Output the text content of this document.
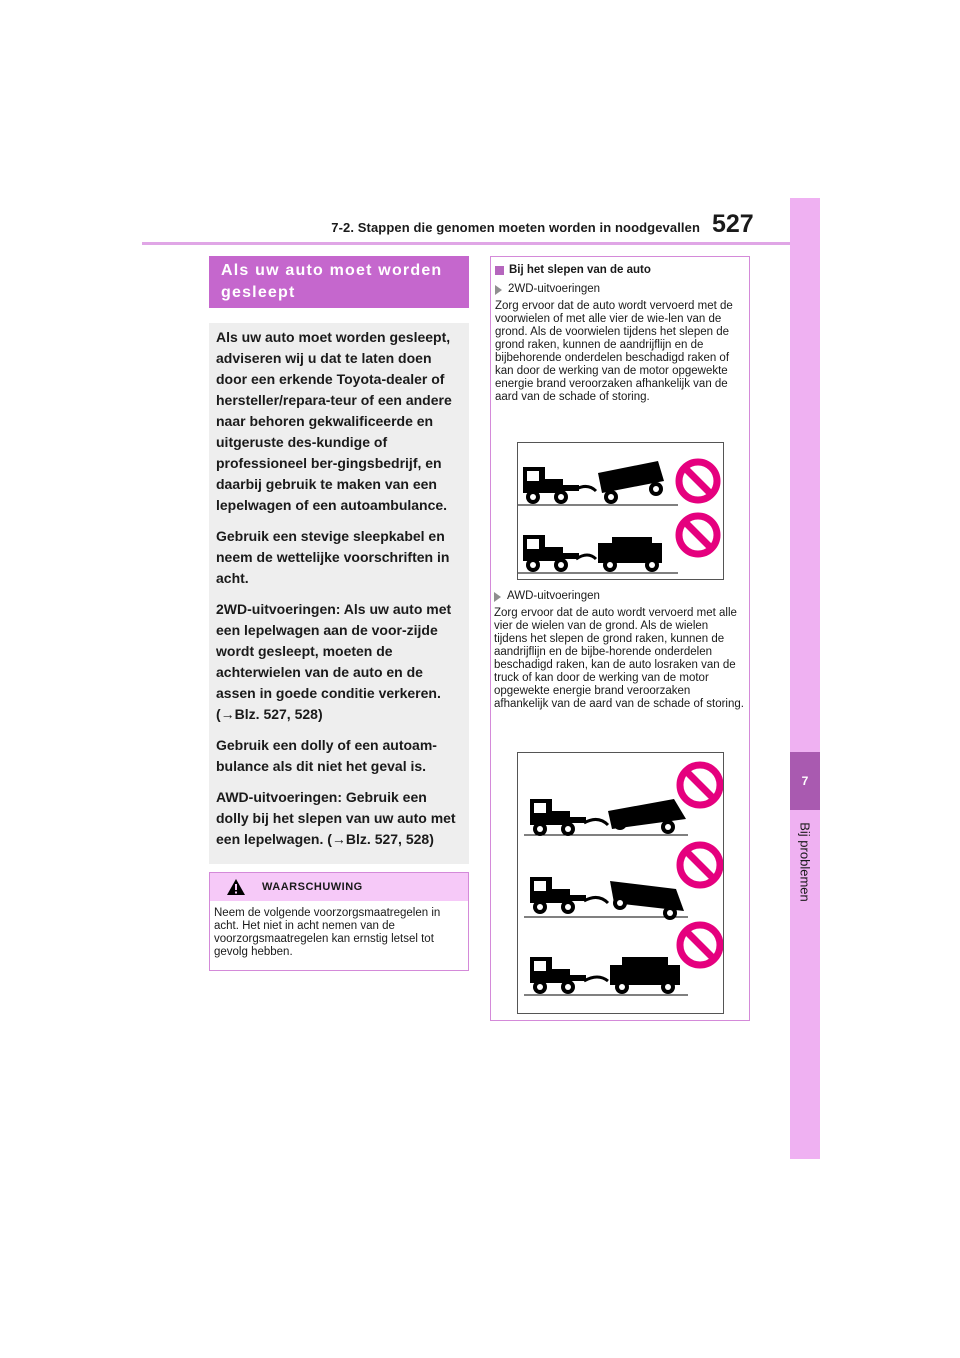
7-2. Stappen die genomen moeten worden in noodgevallen 527
7
Bij problemen
Als uw auto moet worden gesleept

Als uw auto moet worden gesleept, adviseren wij u dat te laten doen door een erkende Toyota-dealer of hersteller/repara-teur of een andere naar behoren gekwalificeerde en uitgeruste des-kundige of professioneel ber-gingsbedrijf, en daarbij gebruik te maken van een lepelwagen of een autoambulance.

Gebruik een stevige sleepkabel en neem de wettelijke voorschriften in acht.

2WD-uitvoeringen: Als uw auto met een lepelwagen aan de voor-zijde wordt gesleept, moeten de achterwielen van de auto en de assen in goede conditie verkeren. (→Blz. 527, 528)

Gebruik een dolly of een autoam-bulance als dit niet het geval is.

AWD-uitvoeringen: Gebruik een dolly bij het slepen van uw auto met een lepelwagen. (→Blz. 527, 528)

WAARSCHUWING
Neem de volgende voorzorgsmaatregelen in acht. Het niet in acht nemen van de voorzorgsmaatregelen kan ernstig letsel tot gevolg hebben.
Bij het slepen van de auto
2WD-uitvoeringen
Zorg ervoor dat de auto wordt vervoerd met de voorwielen of met alle vier de wie-len van de grond. Als de voorwielen tijdens het slepen de grond raken, kunnen de aandrijflijn en de bijbehorende onderdelen beschadigd raken of kan door de werking van de motor opgewekte energie brand veroorzaken afhankelijk van de aard van de schade of storing.
AWD-uitvoeringen
Zorg ervoor dat de auto wordt vervoerd met alle vier de wielen van de grond. Als de wielen tijdens het slepen de grond raken, kunnen de aandrijflijn en de bijbe-horende onderdelen beschadigd raken, kan de auto losraken van de truck of kan door de werking van de motor opgewekte energie brand veroorzaken afhankelijk van de aard van de schade of storing.
